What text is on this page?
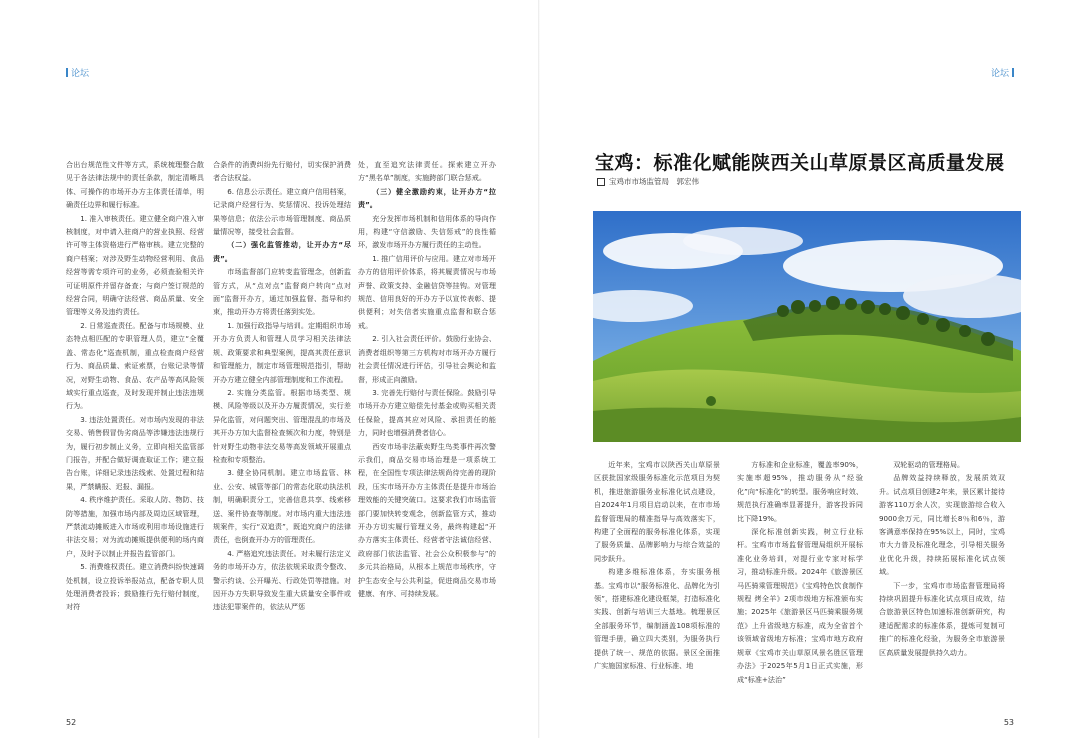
论坛

合出台规范性文件等方式，系统梳理整合散见于各法律法规中的责任条款，制定清晰具体、可操作的市场开办方主体责任清单，明确责任边界和履行标准。

1. 准入审核责任。建立健全商户准入审核制度，对申请入驻商户的营业执照、经营许可等主体资格进行严格审核。建立完整的商户档案；对涉及野生动物经营利用、食品经营等需专项许可的业务，必须查验相关许可证明原件并留存备查；与商户签订规范的经营合同，明确守法经营、商品质量、安全管理等义务及违约责任。

2. 日常巡查责任。配备与市场规模、业态特点相匹配的专职管理人员，建立“全覆盖、常态化”巡查机制，重点检查商户经营行为、商品质量、索证索票，台账记录等情况，对野生动物、食品、农产品等高风险领域实行重点巡查，及时发现并制止违法违规行为。

3. 违法处置责任。对市场内发现的非法交易、销售假冒伪劣商品等涉嫌违法违规行为，履行初步制止义务，立即向相关监管部门报告，并配合做好调查取证工作；建立报告台账，详细记录违法线索、处置过程和结果，严禁瞒报、迟报、漏报。

4. 秩序维护责任。采取人防、物防、技防等措施，加强市场内部及周边区域管理，严禁流动摊贩进入市场或利用市场设施进行非法交易；对为流动摊贩提供便利的场内商户，及时予以制止并报告监管部门。

5. 消费维权责任。建立消费纠纷快速调处机制，设立投诉举报站点，配备专职人员处理消费者投诉；鼓励推行先行赔付制度，对符

合条件的消费纠纷先行赔付，切实保护消费者合法权益。

6. 信息公示责任。建立商户信用档案，记录商户经营行为、奖惩情况、投诉处理结果等信息；依法公示市场管理制度、商品质量情况等，接受社会监督。

（二）强化监管推动，让开办方“尽责”。

市场监督部门应转变监管理念，创新监管方式，从“点对点”监督商户转向“点对面”监督开办方，通过加强监督、指导和约束，推动开办方将责任落到实处。

1. 加强行政指导与培训。定期组织市场开办方负责人和管理人员学习相关法律法规、政策要求和典型案例，提高其责任意识和管理能力，制定市场管理规范指引，帮助开办方建立健全内部管理制度和工作流程。

2. 实施分类监管。根据市场类型、规模、风险等级以及开办方履责情况，实行差异化监管，对问题突出、管理混乱的市场及其开办方加大监督检查频次和力度，特别是针对野生动物非法交易等高发领域开展重点检查和专项整治。

3. 健全协同机制。建立市场监管、林业、公安、城管等部门的常态化联动执法机制，明确职责分工，完善信息共享、线索移送、案件协查等制度。对市场内重大违法违规案件，实行“双追责”，既追究商户的法律责任，也倒查开办方的管理责任。

4. 严格追究违法责任。对未履行法定义务的市场开办方，依法依规采取责令整改、警示约谈、公开曝光、行政处罚等措施。对因开办方失职导致发生重大质量安全事件或违法犯罪案件的，依法从严惩

处，直至追究法律责任。探索建立开办方“黑名单”制度，实施跨部门联合惩戒。

（三）健全激励约束，让开办方“拉责”。

充分发挥市场机制和信用体系的导向作用，构建“守信激励、失信惩戒”的良性循环，激发市场开办方履行责任的主动性。

1. 推广信用评价与应用。建立对市场开办方的信用评价体系，将其履责情况与市场声誉、政策支持、金融信贷等挂钩。对管理规范、信用良好的开办方予以宣传表彰、提供便利；对失信者实施重点监督和联合惩戒。

2. 引入社会责任评价。鼓励行业协会、消费者组织等第三方机构对市场开办方履行社会责任情况进行评估，引导社会舆论和监督，形成正向激励。

3. 完善先行赔付与责任保险。鼓励引导市场开办方建立赔偿先付基金或购买相关责任保险，提高其应对风险、承担责任的能力，同时也增强消费者信心。

西安市场非法蔽卖野生鸟类事件再次警示我们，商品交易市场治理是一项系统工程，在全国性专项法律法规尚待完善的现阶段，压实市场开办方主体责任是提升市场治理效能的关键突破口。这要求我们市场监管部门要加快转变观念，创新监管方式，推动开办方切实履行管理义务，最终构建起“开办方落实主体责任、经营者守法诚信经营、政府部门依法监管、社会公众积极参与”的多元共治格局，从根本上规范市场秩序，守护生态安全与公共利益，促进商品交易市场健康、有序、可持续发展。

52
论坛
宝鸡：标准化赋能陕西关山草原景区高质量发展
宝鸡市市场监管局　郭宏伟

近年来，宝鸡市以陕西关山草原景区获批国家级服务标准化示范项目为契机，推进旅游服务业标准化试点建设，自2024年1月项目启动以来，在市市场监督管理局的精准指导与高效落实下，构建了全面程的服务标准化体系，实现了服务质量、品牌影响力与综合效益的同步跃升。

构建多维标准体系，夯实服务根基。宝鸡市以“服务标准化、品牌化为引领”，搭建标准化建设框架，打造标准化实践、创新与培训三大基地。梳理景区全部服务环节，编制涵盖108项标准的管理手册，确立四大类别，为服务执行提供了统一、规范的依据。景区全面推广实施国家标准、行业标准、地

方标准和企业标准，覆盖率90%，实施率超95%，推动服务从“经验化”向“标准化”的转型。服务响应时效、规范执行准确率显著提升，游客投诉同比下降19%。

深化标准创新实践，树立行业标杆。宝鸡市市场监督管理局组织开展标准化业务培训，对提行业专家对标学习，推动标准升级。2024年《旅游景区马匹骑乘管理规范》《宝鸡特色饮食制作规程 烤全羊》2项市级地方标准颁布实施；2025年《旅游景区马匹骑乘服务规范》上升省级地方标准，成为全省首个该领域省级地方标准；宝鸡市地方政府规章《宝鸡市关山草原风景名胜区管理办法》于2025年5月1日正式实施，形成“标准+法治”

双轮驱动的管理格局。

品牌效益持续释放，发展质效双升。试点项目创建2年来，景区累计接待游客110万余人次，实现旅游综合收入9000余万元，同比增长8％和6％，游客满意率保持在95%以上，同时，宝鸡市大力普及标准化理念，引导相关服务业优化升级，持续拓展标准化试点领域。

下一步，宝鸡市市场监督管理局将持续巩固提升标准化试点项目成效，结合旅游景区特色加速标准创新研究，构建适配需求的标准体系，提炼可复制可推广的标准化经验，为服务全市旅游景区高质量发展提供持久动力。

53
